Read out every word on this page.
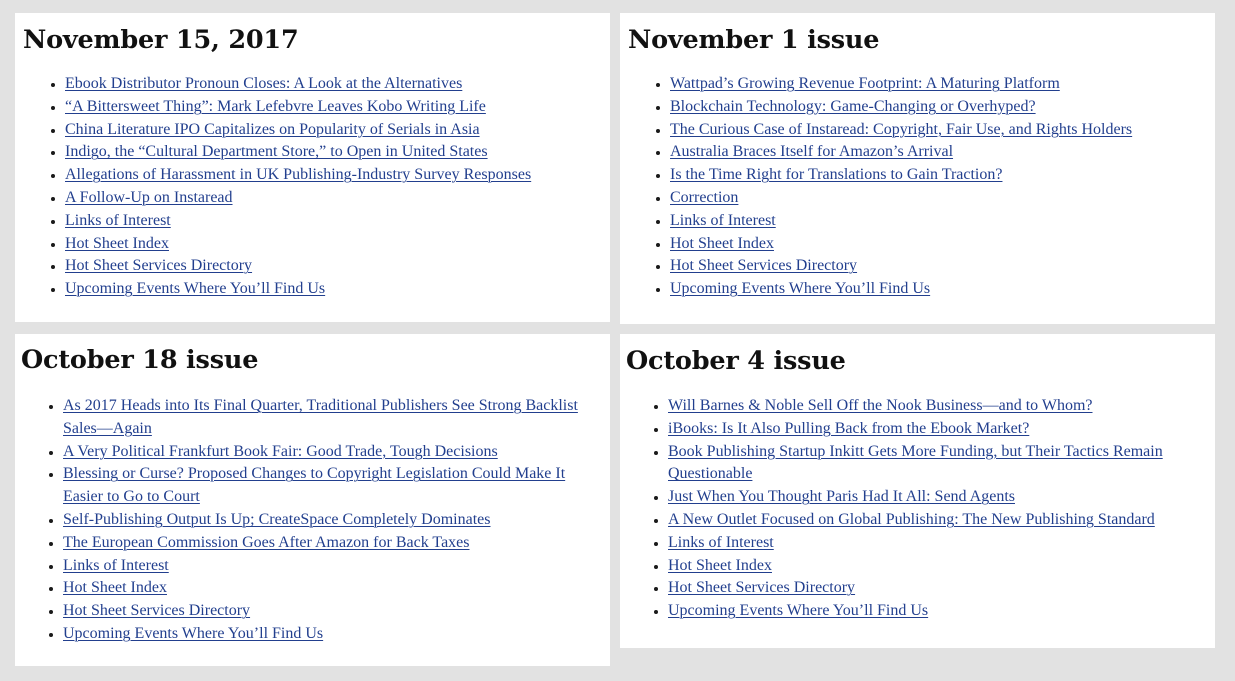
November 15, 2017
• Ebook Distributor Pronoun Closes: A Look at the Alternatives
• “A Bittersweet Thing”: Mark Lefebvre Leaves Kobo Writing Life
• China Literature IPO Capitalizes on Popularity of Serials in Asia
• Indigo, the “Cultural Department Store,” to Open in United States
• Allegations of Harassment in UK Publishing-Industry Survey Responses
• A Follow-Up on Instaread
• Links of Interest
• Hot Sheet Index
• Hot Sheet Services Directory
• Upcoming Events Where You’ll Find Us
November 1 issue
• Wattpad’s Growing Revenue Footprint: A Maturing Platform
• Blockchain Technology: Game-Changing or Overhyped?
• The Curious Case of Instaread: Copyright, Fair Use, and Rights Holders
• Australia Braces Itself for Amazon’s Arrival
• Is the Time Right for Translations to Gain Traction?
• Correction
• Links of Interest
• Hot Sheet Index
• Hot Sheet Services Directory
• Upcoming Events Where You’ll Find Us
October 18 issue
• As 2017 Heads into Its Final Quarter, Traditional Publishers See Strong Backlist Sales—Again
• A Very Political Frankfurt Book Fair: Good Trade, Tough Decisions
• Blessing or Curse? Proposed Changes to Copyright Legislation Could Make It Easier to Go to Court
• Self-Publishing Output Is Up; CreateSpace Completely Dominates
• The European Commission Goes After Amazon for Back Taxes
• Links of Interest
• Hot Sheet Index
• Hot Sheet Services Directory
• Upcoming Events Where You’ll Find Us
October 4 issue
• Will Barnes & Noble Sell Off the Nook Business—and to Whom?
• iBooks: Is It Also Pulling Back from the Ebook Market?
• Book Publishing Startup Inkitt Gets More Funding, but Their Tactics Remain Questionable
• Just When You Thought Paris Had It All: Send Agents
• A New Outlet Focused on Global Publishing: The New Publishing Standard
• Links of Interest
• Hot Sheet Index
• Hot Sheet Services Directory
• Upcoming Events Where You’ll Find Us
